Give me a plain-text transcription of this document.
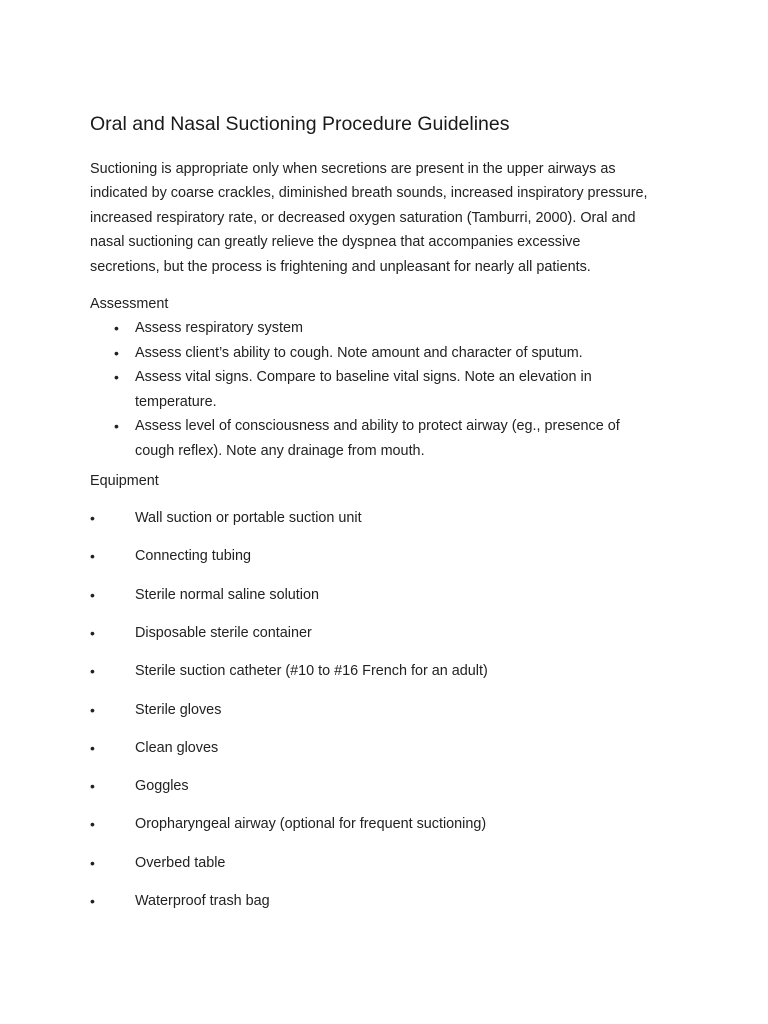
Oral and Nasal Suctioning Procedure Guidelines

Suctioning is appropriate only when secretions are present in the upper airways as
indicated by coarse crackles, diminished breath sounds, increased inspiratory pressure,
increased respiratory rate, or decreased oxygen saturation (Tamburri, 2000). Oral and
nasal suctioning can greatly relieve the dyspnea that accompanies excessive
secretions, but the process is frightening and unpleasant for nearly all patients.

Assessment

• Assess respiratory system
• Assess client’s ability to cough. Note amount and character of sputum.
• Assess vital signs. Compare to baseline vital signs. Note an elevation in
temperature.
• Assess level of consciousness and ability to protect airway (eg., presence of
cough reflex). Note any drainage from mouth.

Equipment

•	Wall suction or portable suction unit
•	Connecting tubing
•	Sterile normal saline solution
•	Disposable sterile container
•	Sterile suction catheter (#10 to #16 French for an adult)
•	Sterile gloves
•	Clean gloves
•	Goggles
•	Oropharyngeal airway (optional for frequent suctioning)
•	Overbed table
•	Waterproof trash bag
